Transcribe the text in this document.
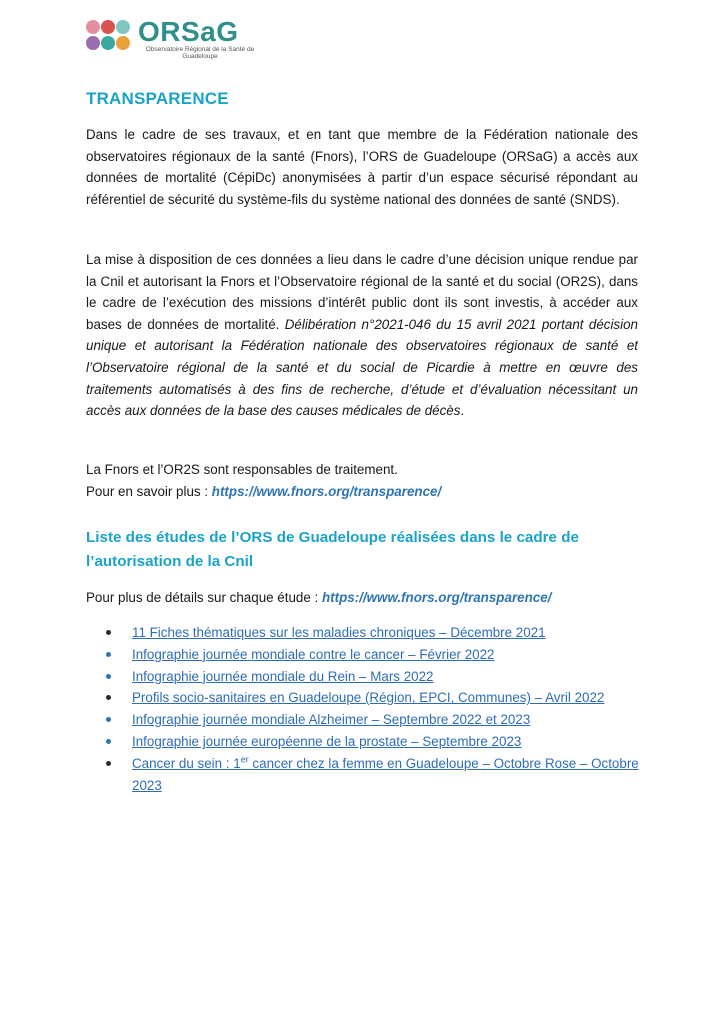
ORSaG
Observatoire Régional de la Santé de Guadeloupe
TRANSPARENCE

Dans le cadre de ses travaux, et en tant que membre de la Fédération nationale des observatoires régionaux de la santé (Fnors), l’ORS de Guadeloupe (ORSaG) a accès aux données de mortalité (CépiDc) anonymisées à partir d’un espace sécurisé répondant au référentiel de sécurité du système-fils du système national des données de santé (SNDS).

La mise à disposition de ces données a lieu dans le cadre d’une décision unique rendue par la Cnil et autorisant la Fnors et l’Observatoire régional de la santé et du social (OR2S), dans le cadre de l’exécution des missions d’intérêt public dont ils sont investis, à accéder aux bases de données de mortalité. Délibération n°2021-046 du 15 avril 2021 portant décision unique et autorisant la Fédération nationale des observatoires régionaux de santé et l’Observatoire régional de la santé et du social de Picardie à mettre en œuvre des traitements automatisés à des fins de recherche, d’étude et d’évaluation nécessitant un accès aux données de la base des causes médicales de décès.

La Fnors et l’OR2S sont responsables de traitement.
Pour en savoir plus : https://www.fnors.org/transparence/

Liste des études de l’ORS de Guadeloupe réalisées dans le cadre de l’autorisation de la Cnil

Pour plus de détails sur chaque étude : https://www.fnors.org/transparence/

11 Fiches thématiques sur les maladies chroniques – Décembre 2021
Infographie journée mondiale contre le cancer – Février 2022
Infographie journée mondiale du Rein – Mars 2022
Profils socio-sanitaires en Guadeloupe (Région, EPCI, Communes) – Avril 2022
Infographie journée mondiale Alzheimer – Septembre 2022 et 2023
Infographie journée européenne de la prostate – Septembre 2023
Cancer du sein : 1er cancer chez la femme en Guadeloupe – Octobre Rose – Octobre 2023
